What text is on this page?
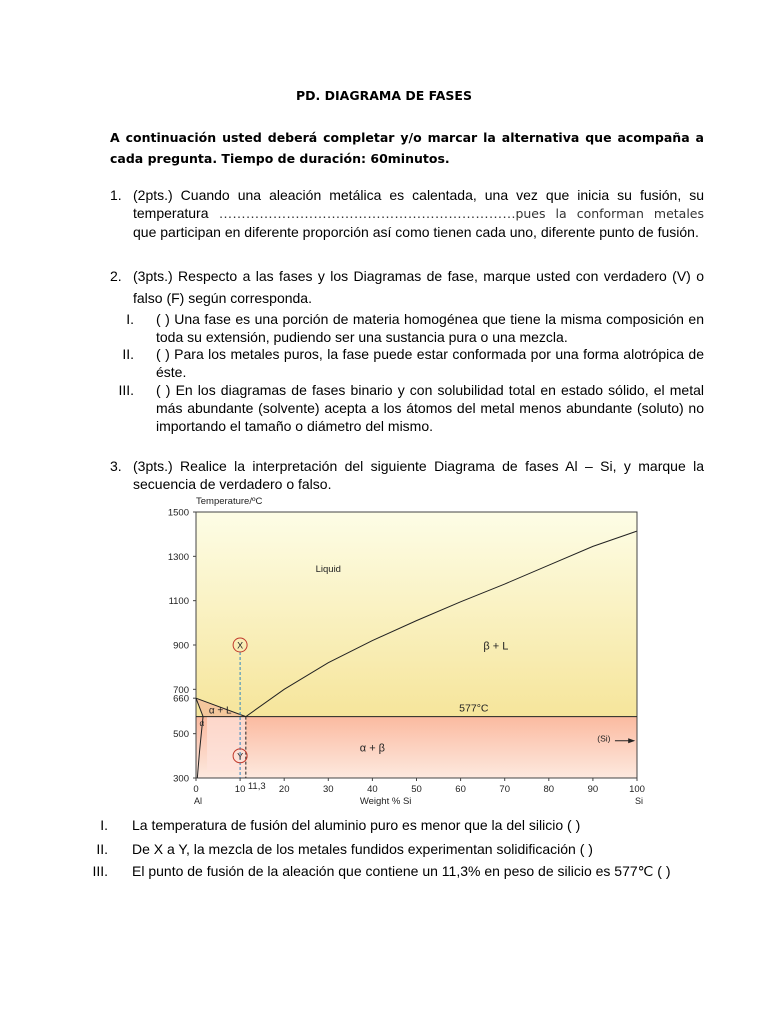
PD. DIAGRAMA DE FASES
A continuación usted deberá completar y/o marcar la alternativa que acompaña a cada pregunta. Tiempo de duración: 60minutos.
1. (2pts.) Cuando una aleación metálica es calentada, una vez que inicia su fusión, su temperatura …………………………………………………………pues la conforman metales que participan en diferente proporción así como tienen cada uno, diferente punto de fusión.
2. (3pts.) Respecto a las fases y los Diagramas de fase, marque usted con verdadero (V) o falso (F) según corresponda.
I. ( ) Una fase es una porción de materia homogénea que tiene la misma composición en toda su extensión, pudiendo ser una sustancia pura o una mezcla.
II. ( ) Para los metales puros, la fase puede estar conformada por una forma alotrópica de éste.
III. ( ) En los diagramas de fases binario y con solubilidad total en estado sólido, el metal más abundante (solvente) acepta a los átomos del metal menos abundante (soluto) no importando el tamaño o diámetro del mismo.
3. (3pts.) Realice la interpretación del siguiente Diagrama de fases Al – Si, y marque la secuencia de verdadero o falso.
1500
1300
1100
900
700
660
500
300
0	10	20	30	40	50	60	70	80	90	100
Temperature/ºC
Weight % Si
Al	Si
11,3
X
Y
Liquid
β + L
α + L
α + β
α
577°C
(Si)
I. La temperatura de fusión del aluminio puro es menor que la del silicio ( )
II. De X a Y, la mezcla de los metales fundidos experimentan solidificación ( )
III. El punto de fusión de la aleación que contiene un 11,3% en peso de silicio es 577℃ ( )
